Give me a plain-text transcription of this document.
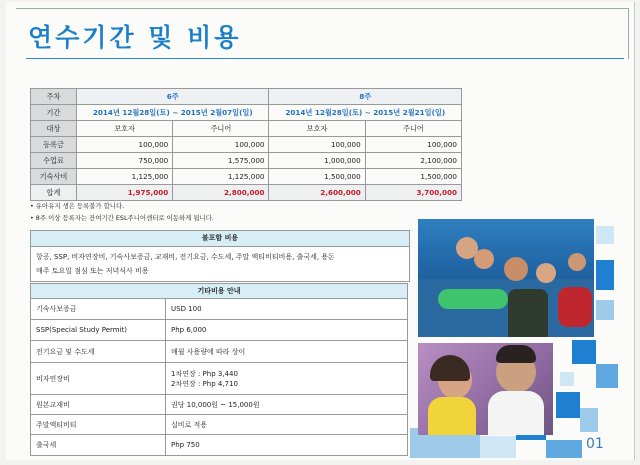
연수기간 및 비용
주차	6주		8주	
기간	2014년 12월28일(토) ~ 2015년 2월07일(일)		2014년 12월28일(토) ~ 2015년 2월21일(일)	
대상	보호자	주니어	보호자	주니어
등록금	100,000	100,000	100,000	100,000
수업료	750,000	1,575,000	1,000,000	2,100,000
기숙사비	1,125,000	1,125,000	1,500,000	1,500,000
합계	1,975,000	2,800,000	2,600,000	3,700,000
• 유아유지 생은 등록불가 합니다.
• 8주 이상 등록자는 잔여기간 ESL주니어센터로 이동하게 됩니다.
불포함 비용
항공, SSP, 비자연장비, 기숙사보증금, 교재비, 전기요금, 수도세, 주말 액티비티비용, 출국세, 용돈
매주 토요일 점심 또는 저녁식사 비용
기타비용 안내	
기숙사보증금	USD 100
SSP(Special Study Permit)	Php 6,000
전기요금 및 수도세	매월 사용량에 따라 상이
비자연장비	1차연장 : Php 3,440
2차연장 : Php 4,710

원본교재비	권당 10,000원 ~ 15,000원
주말액티비티	실비로 적용
출국세	Php 750	01
